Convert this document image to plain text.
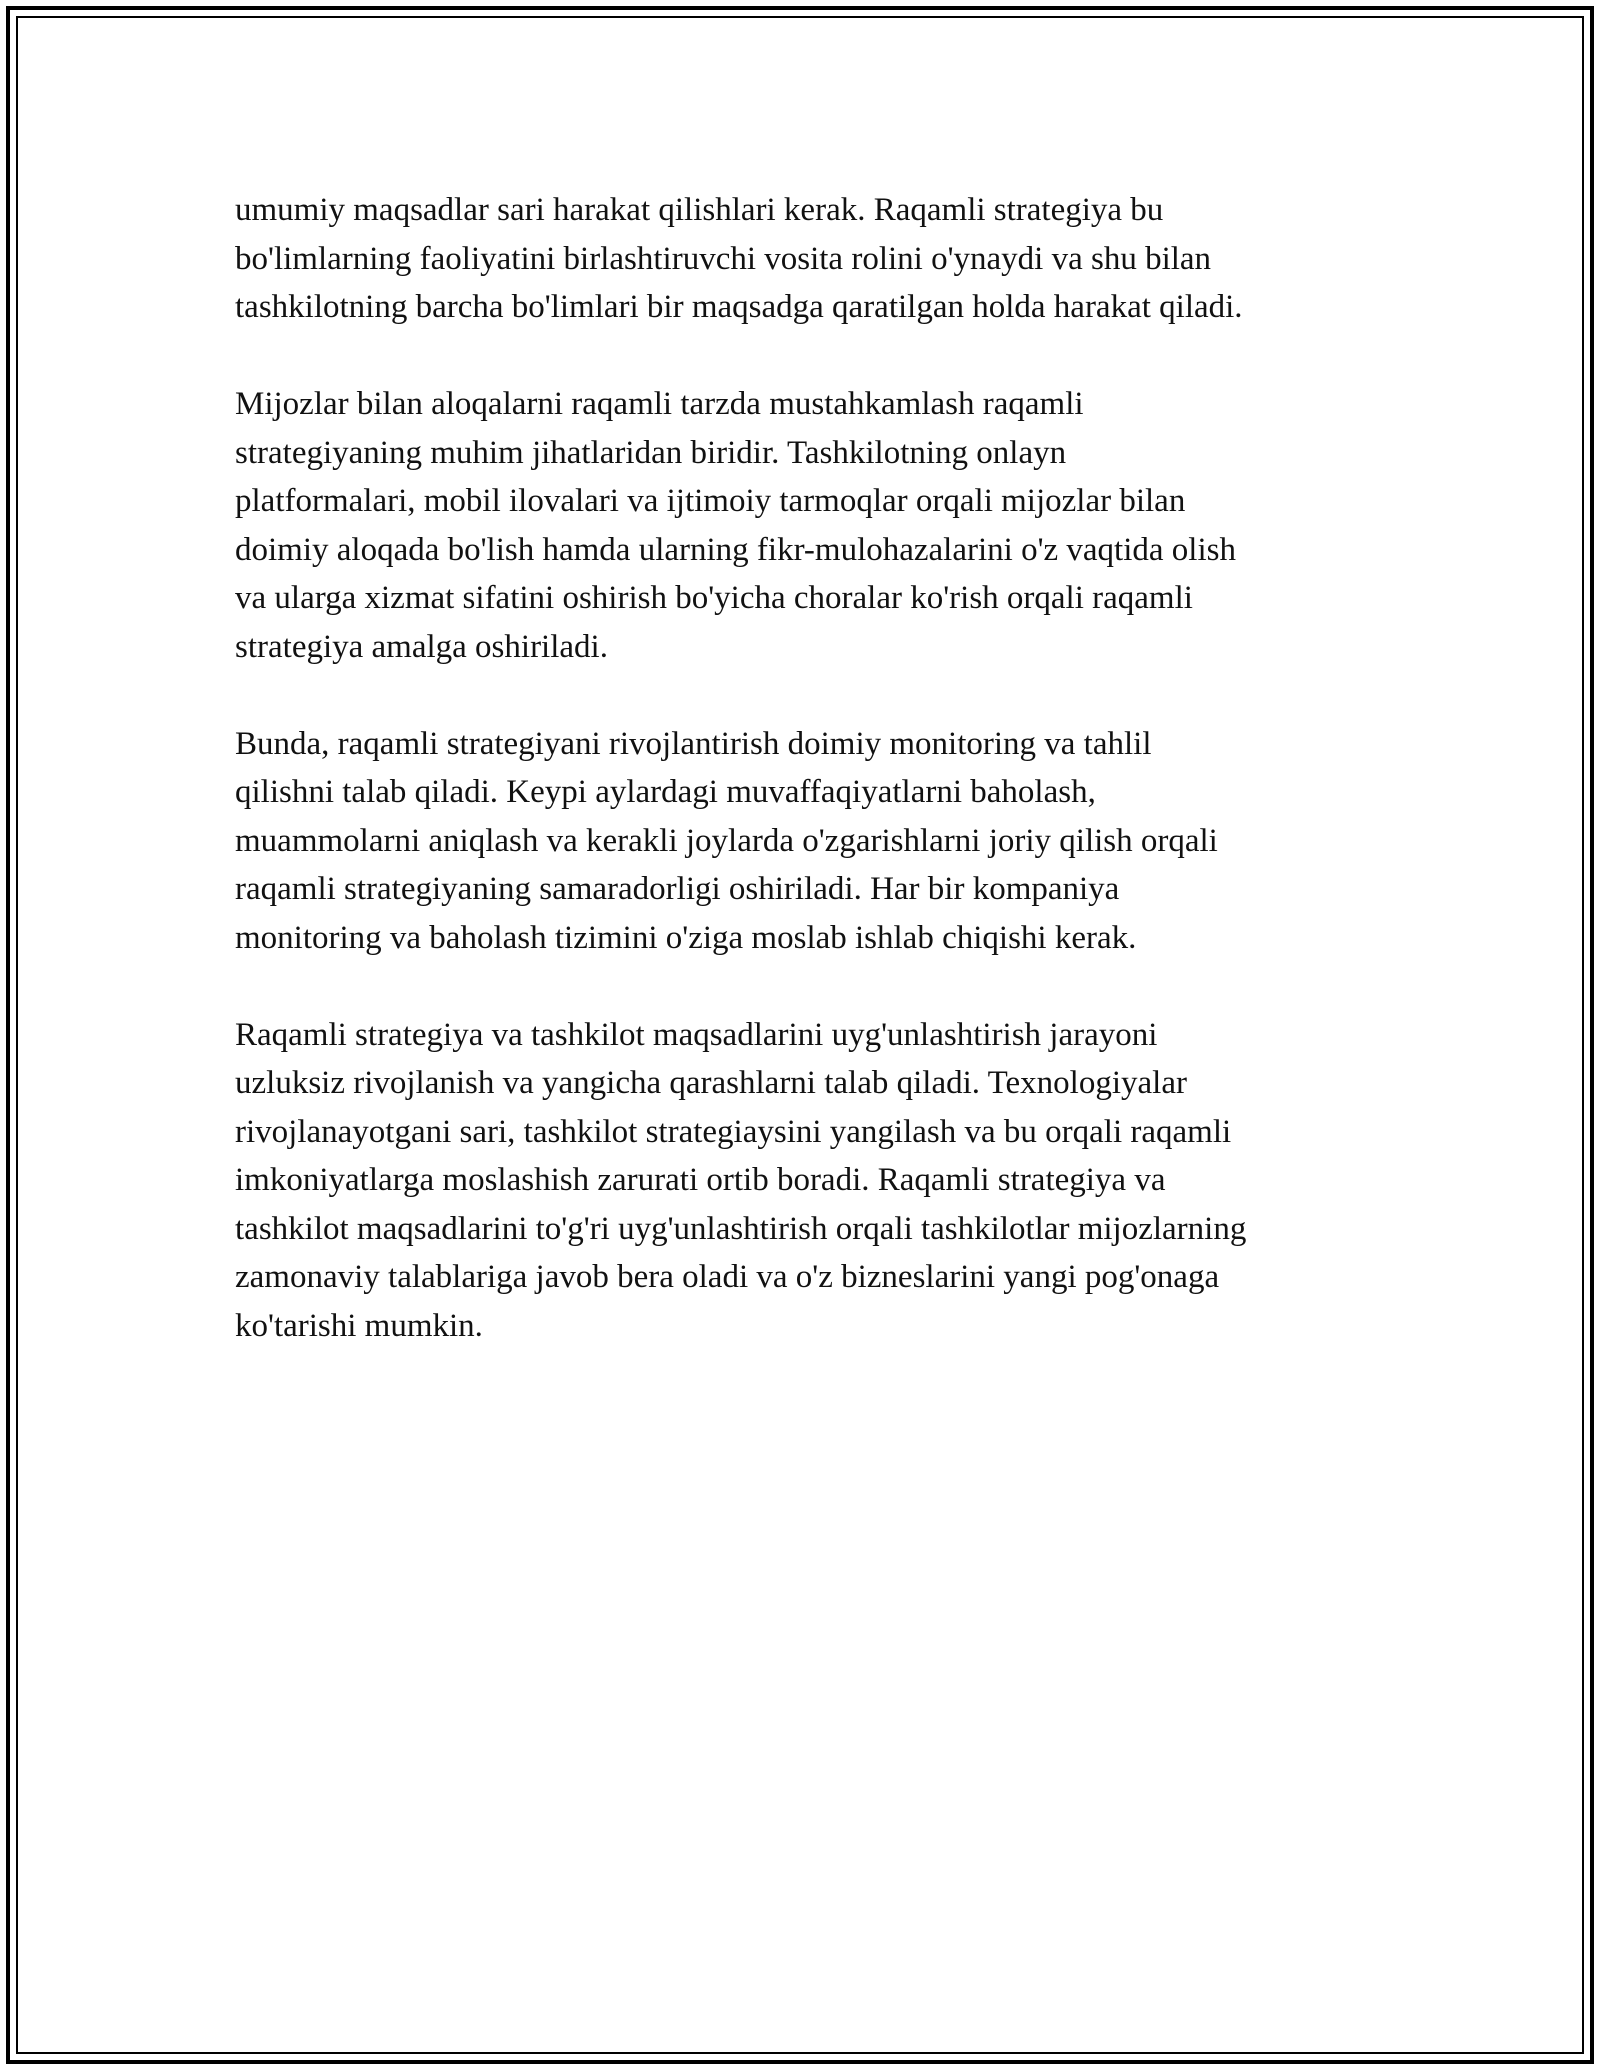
umumiy maqsadlar sari harakat qilishlari kerak. Raqamli strategiya bu
bo'limlarning faoliyatini birlashtiruvchi vosita rolini o'ynaydi va shu bilan
tashkilotning barcha bo'limlari bir maqsadga qaratilgan holda harakat qiladi.

Mijozlar bilan aloqalarni raqamli tarzda mustahkamlash raqamli
strategiyaning muhim jihatlaridan biridir. Tashkilotning onlayn
platformalari, mobil ilovalari va ijtimoiy tarmoqlar orqali mijozlar bilan
doimiy aloqada bo'lish hamda ularning fikr-mulohazalarini o'z vaqtida olish
va ularga xizmat sifatini oshirish bo'yicha choralar ko'rish orqali raqamli
strategiya amalga oshiriladi.

Bunda, raqamli strategiyani rivojlantirish doimiy monitoring va tahlil
qilishni talab qiladi. Keypi aylardagi muvaffaqiyatlarni baholash,
muammolarni aniqlash va kerakli joylarda o'zgarishlarni joriy qilish orqali
raqamli strategiyaning samaradorligi oshiriladi. Har bir kompaniya
monitoring va baholash tizimini o'ziga moslab ishlab chiqishi kerak.

Raqamli strategiya va tashkilot maqsadlarini uyg'unlashtirish jarayoni
uzluksiz rivojlanish va yangicha qarashlarni talab qiladi. Texnologiyalar
rivojlanayotgani sari, tashkilot strategiaysini yangilash va bu orqali raqamli
imkoniyatlarga moslashish zarurati ortib boradi. Raqamli strategiya va
tashkilot maqsadlarini to'g'ri uyg'unlashtirish orqali tashkilotlar mijozlarning
zamonaviy talablariga javob bera oladi va o'z bizneslarini yangi pog'onaga
ko'tarishi mumkin.
